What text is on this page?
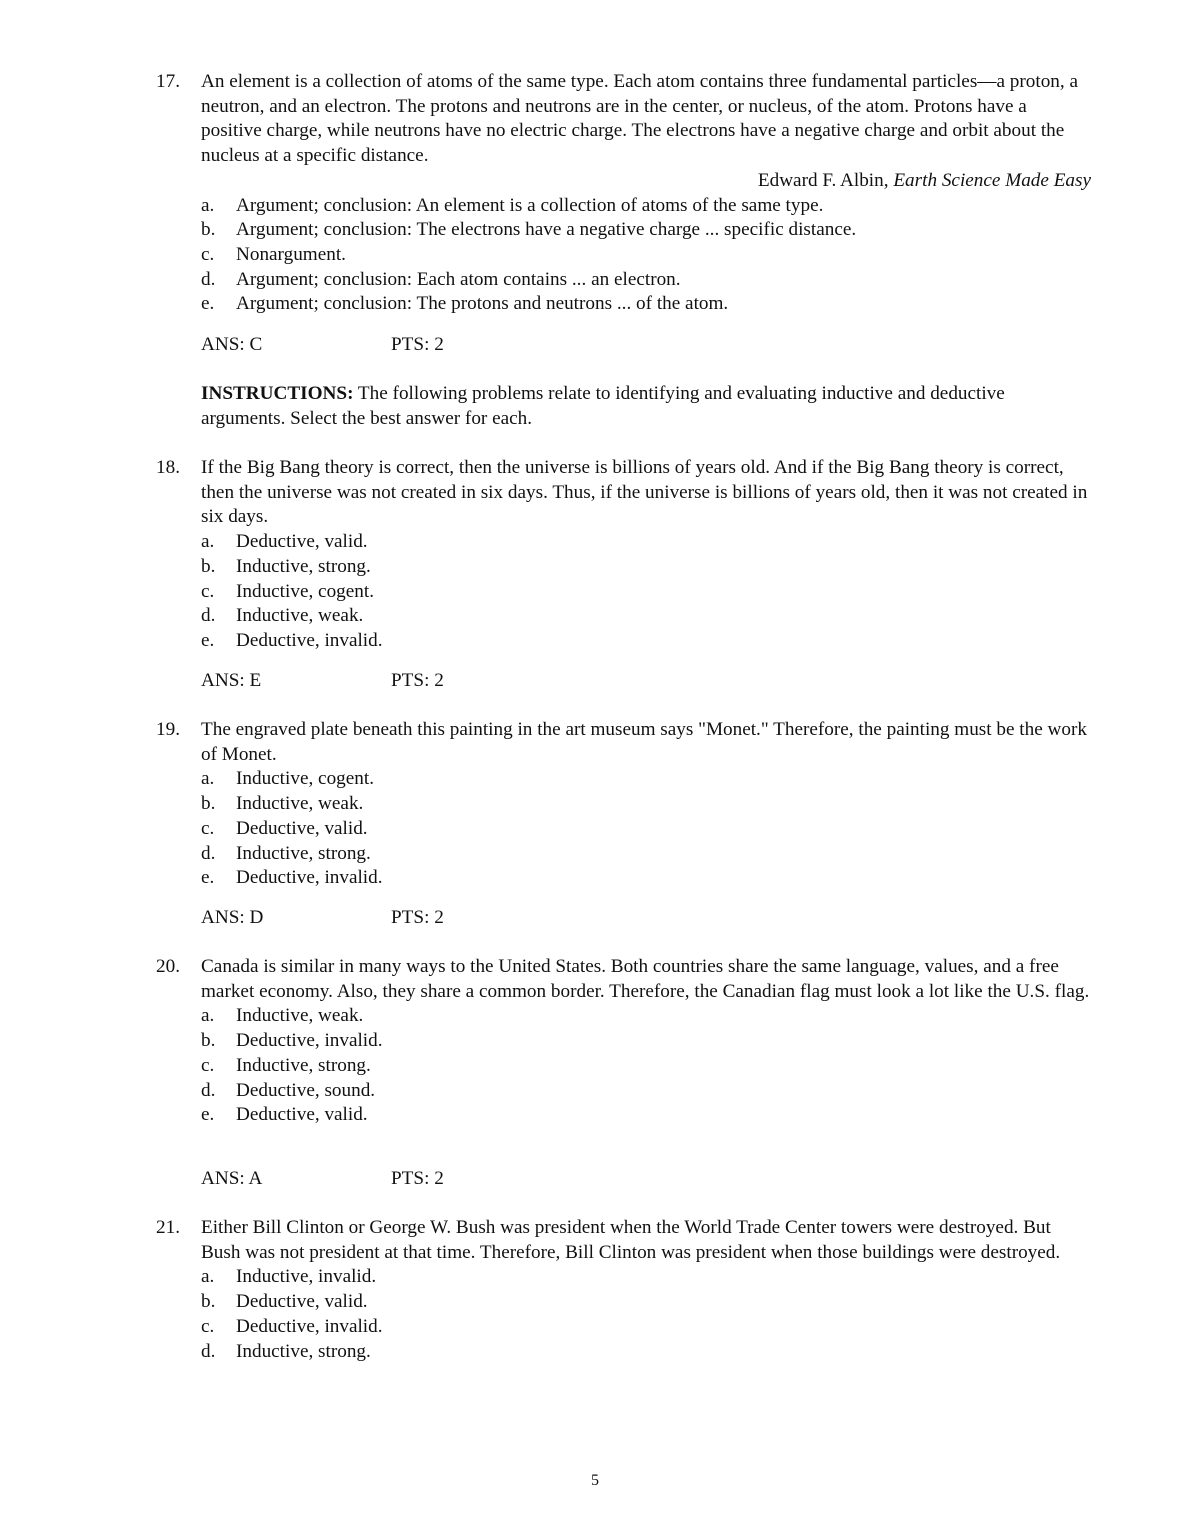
17.	An element is a collection of atoms of the same type. Each atom contains three fundamental particles—a proton, a neutron, and an electron. The protons and neutrons are in the center, or nucleus, of the atom. Protons have a positive charge, while neutrons have no electric charge. The electrons have a negative charge and orbit about the nucleus at a specific distance.
Edward F. Albin, Earth Science Made Easy
a.	Argument; conclusion: An element is a collection of atoms of the same type.
b.	Argument; conclusion: The electrons have a negative charge ... specific distance.
c.	Nonargument.
d.	Argument; conclusion: Each atom contains ... an electron.
e.	Argument; conclusion: The protons and neutrons ... of the atom.
ANS: C	PTS: 2
INSTRUCTIONS: The following problems relate to identifying and evaluating inductive and deductive arguments. Select the best answer for each.
18.	If the Big Bang theory is correct, then the universe is billions of years old. And if the Big Bang theory is correct, then the universe was not created in six days. Thus, if the universe is billions of years old, then it was not created in six days.
a.	Deductive, valid.
b.	Inductive, strong.
c.	Inductive, cogent.
d.	Inductive, weak.
e.	Deductive, invalid.
ANS: E	PTS: 2
19.	The engraved plate beneath this painting in the art museum says "Monet." Therefore, the painting must be the work of Monet.
a.	Inductive, cogent.
b.	Inductive, weak.
c.	Deductive, valid.
d.	Inductive, strong.
e.	Deductive, invalid.
ANS: D	PTS: 2
20.	Canada is similar in many ways to the United States. Both countries share the same language, values, and a free market economy. Also, they share a common border. Therefore, the Canadian flag must look a lot like the U.S. flag.
a.	Inductive, weak.
b.	Deductive, invalid.
c.	Inductive, strong.
d.	Deductive, sound.
e.	Deductive, valid.
ANS: A	PTS: 2
21.	Either Bill Clinton or George W. Bush was president when the World Trade Center towers were destroyed. But Bush was not president at that time. Therefore, Bill Clinton was president when those buildings were destroyed.
a.	Inductive, invalid.
b.	Deductive, valid.
c.	Deductive, invalid.
d.	Inductive, strong.
5
